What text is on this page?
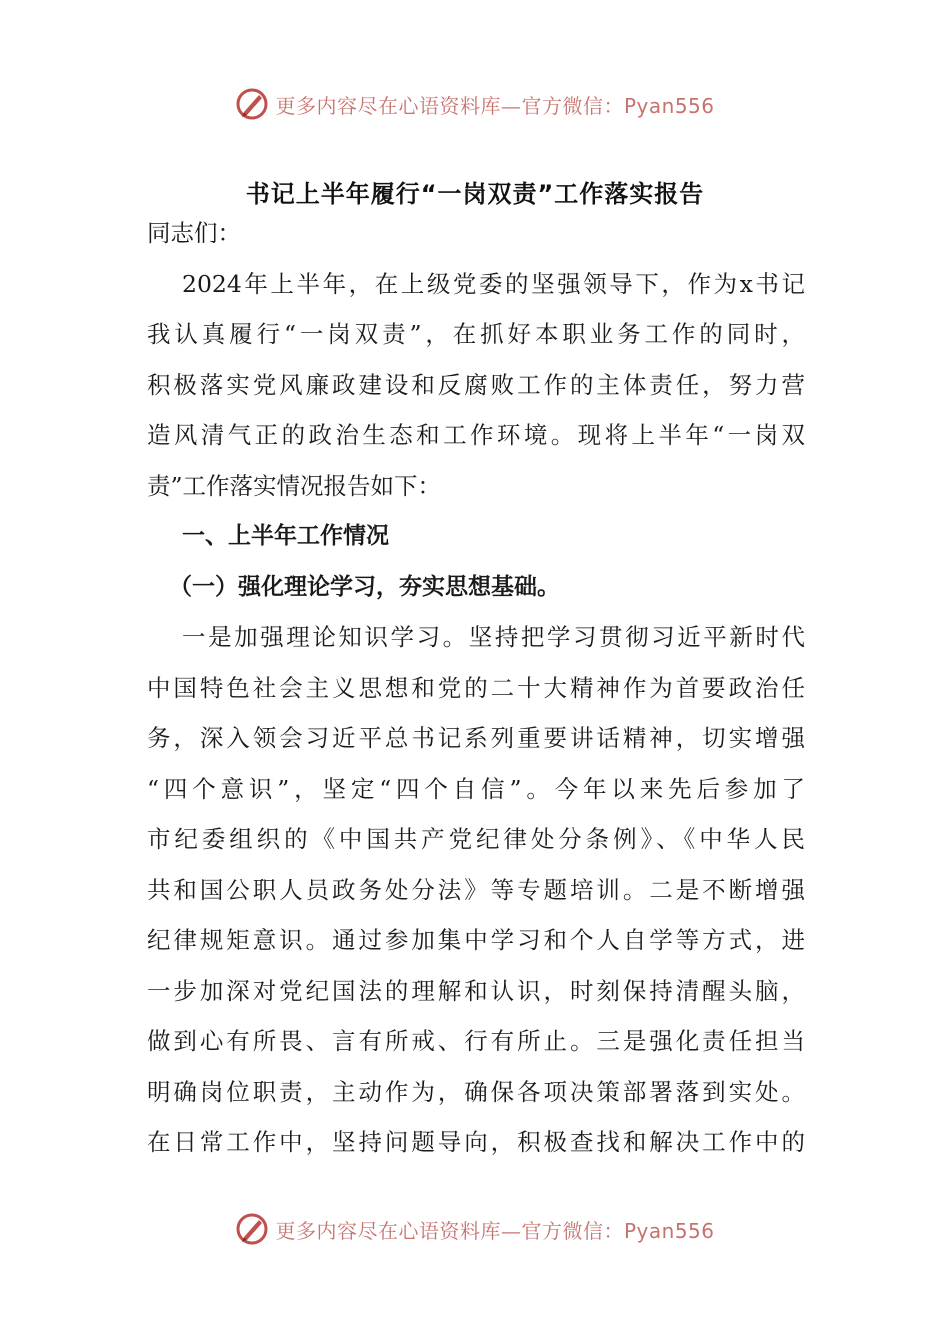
更多内容尽在心语资料库—官方微信：Pyan556
书记上半年履行“一岗双责”工作落实报告
同志们：
2024年上半年，在上级党委的坚强领导下，作为x书记
我认真履行“一岗双责”，在抓好本职业务工作的同时，
积极落实党风廉政建设和反腐败工作的主体责任，努力营
造风清气正的政治生态和工作环境。现将上半年“一岗双
责”工作落实情况报告如下：
一、上半年工作情况
（一）强化理论学习，夯实思想基础。
一是加强理论知识学习。坚持把学习贯彻习近平新时代
中国特色社会主义思想和党的二十大精神作为首要政治任
务，深入领会习近平总书记系列重要讲话精神，切实增强
“四个意识”，坚定“四个自信”。今年以来先后参加了
市纪委组织的《中国共产党纪律处分条例》、《中华人民
共和国公职人员政务处分法》等专题培训。二是不断增强
纪律规矩意识。通过参加集中学习和个人自学等方式，进
一步加深对党纪国法的理解和认识，时刻保持清醒头脑，
做到心有所畏、言有所戒、行有所止。三是强化责任担当
明确岗位职责，主动作为，确保各项决策部署落到实处。
在日常工作中，坚持问题导向，积极查找和解决工作中的
更多内容尽在心语资料库—官方微信：Pyan556
